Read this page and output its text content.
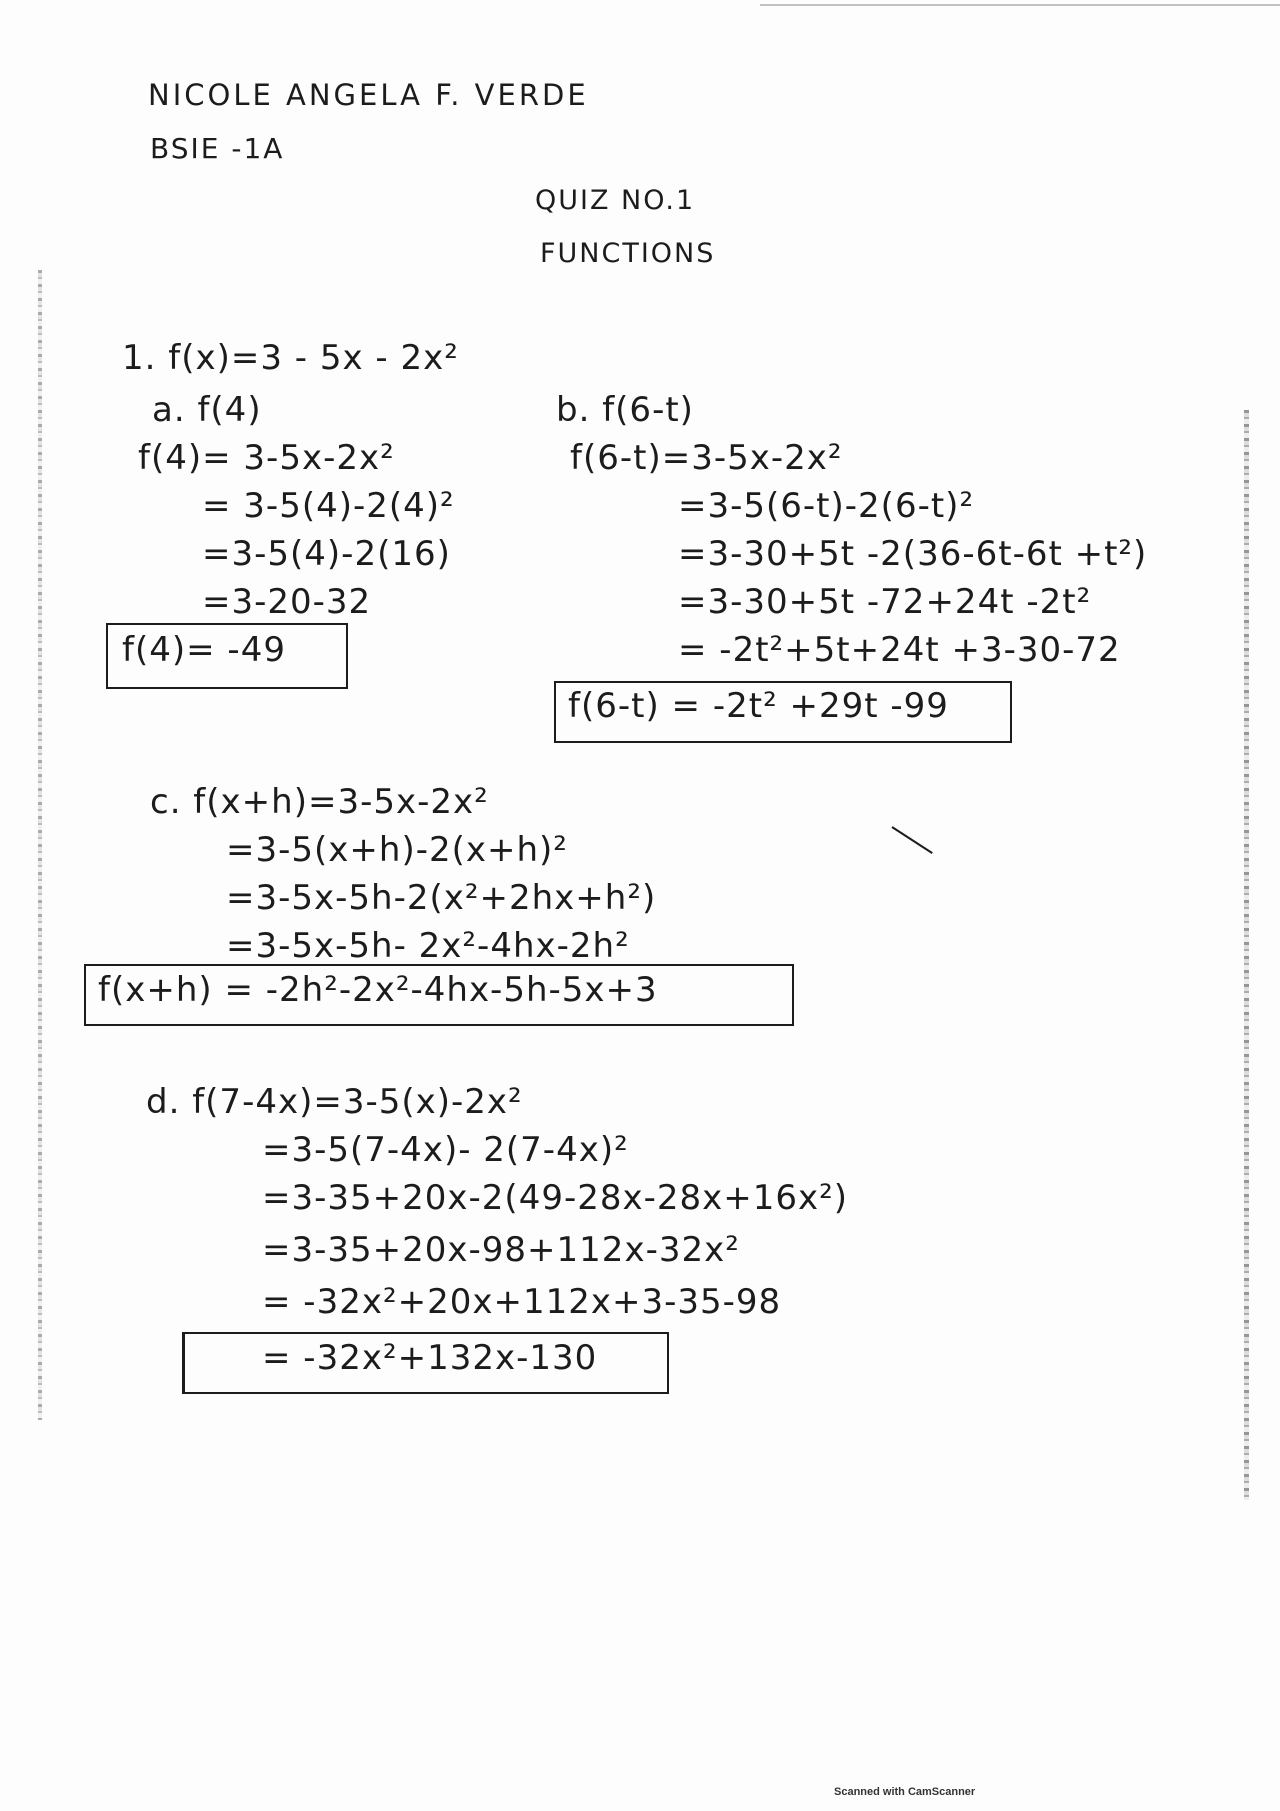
NICOLE ANGELA F. VERDE
BSIE -1A
QUIZ NO.1
FUNCTIONS
1. f(x)=3 - 5x - 2x²
a. f(4)
f(4)= 3-5x-2x²
= 3-5(4)-2(4)²
=3-5(4)-2(16)
=3-20-32
f(4)= -49
b. f(6-t)
f(6-t)=3-5x-2x²
=3-5(6-t)-2(6-t)²
=3-30+5t -2(36-6t-6t +t²)
=3-30+5t -72+24t -2t²
= -2t²+5t+24t +3-30-72
f(6-t) = -2t² +29t -99
c. f(x+h)=3-5x-2x²
=3-5(x+h)-2(x+h)²
=3-5x-5h-2(x²+2hx+h²)
=3-5x-5h- 2x²-4hx-2h²
f(x+h) = -2h²-2x²-4hx-5h-5x+3
d. f(7-4x)=3-5(x)-2x²
=3-5(7-4x)- 2(7-4x)²
=3-35+20x-2(49-28x-28x+16x²)
=3-35+20x-98+112x-32x²
= -32x²+20x+112x+3-35-98
= -32x²+132x-130
Scanned with CamScanner
